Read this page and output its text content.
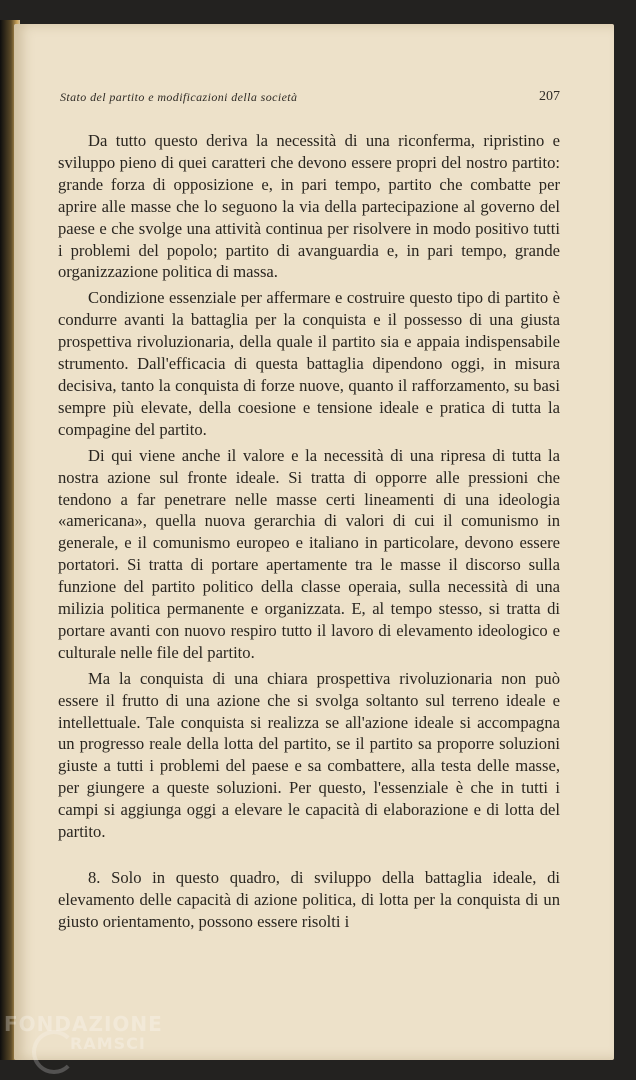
Stato del partito e modificazioni della società	207

Da tutto questo deriva la necessità di una riconferma, ripristino e sviluppo pieno di quei caratteri che devono essere propri del nostro partito: grande forza di opposizione e, in pari tempo, partito che combatte per aprire alle masse che lo seguono la via della partecipazione al governo del paese e che svolge una attività continua per risolvere in modo positivo tutti i problemi del popolo; partito di avanguardia e, in pari tempo, grande organizzazione politica di massa.

Condizione essenziale per affermare e costruire questo tipo di partito è condurre avanti la battaglia per la conquista e il possesso di una giusta prospettiva rivoluzionaria, della quale il partito sia e appaia indispensabile strumento. Dall'efficacia di questa battaglia dipendono oggi, in misura decisiva, tanto la conquista di forze nuove, quanto il rafforzamento, su basi sempre più elevate, della coesione e tensione ideale e pratica di tutta la compagine del partito.

Di qui viene anche il valore e la necessità di una ripresa di tutta la nostra azione sul fronte ideale. Si tratta di opporre alle pressioni che tendono a far penetrare nelle masse certi lineamenti di una ideologia «americana», quella nuova gerarchia di valori di cui il comunismo in generale, e il comunismo europeo e italiano in particolare, devono essere portatori. Si tratta di portare apertamente tra le masse il discorso sulla funzione del partito politico della classe operaia, sulla necessità di una milizia politica permanente e organizzata. E, al tempo stesso, si tratta di portare avanti con nuovo respiro tutto il lavoro di elevamento ideologico e culturale nelle file del partito.

Ma la conquista di una chiara prospettiva rivoluzionaria non può essere il frutto di una azione che si svolga soltanto sul terreno ideale e intellettuale. Tale conquista si realizza se all'azione ideale si accompagna un progresso reale della lotta del partito, se il partito sa proporre soluzioni giuste a tutti i problemi del paese e sa combattere, alla testa delle masse, per giungere a queste soluzioni. Per questo, l'essenziale è che in tutti i campi si aggiunga oggi a elevare le capacità di elaborazione e di lotta del partito.

8. Solo in questo quadro, di sviluppo della battaglia ideale, di elevamento delle capacità di azione politica, di lotta per la conquista di un giusto orientamento, possono essere risolti i

FONDAZIONE
RAMSCI
